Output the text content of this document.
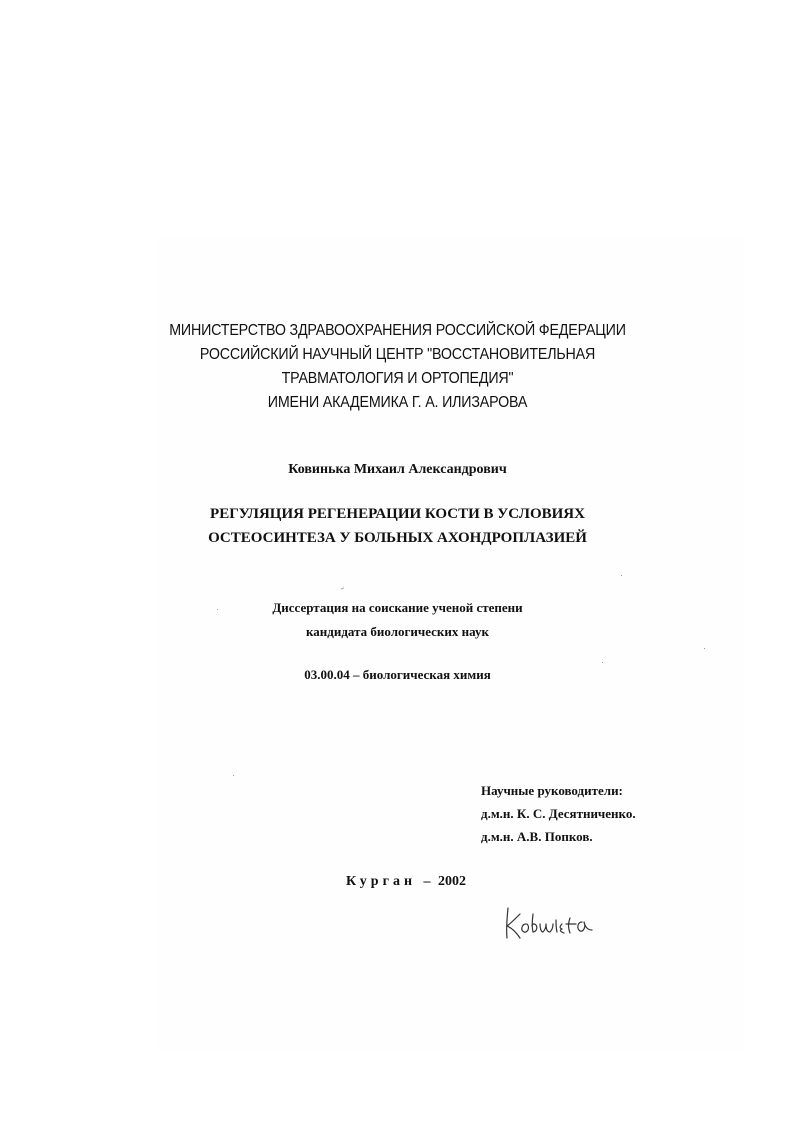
МИНИСТЕРСТВО ЗДРАВООХРАНЕНИЯ РОССИЙСКОЙ ФЕДЕРАЦИИ
РОССИЙСКИЙ НАУЧНЫЙ ЦЕНТР "ВОССТАНОВИТЕЛЬНАЯ
ТРАВМАТОЛОГИЯ И ОРТОПЕДИЯ"
ИМЕНИ АКАДЕМИКА Г. А. ИЛИЗАРОВА
Ковинька Михаил Александрович
РЕГУЛЯЦИЯ РЕГЕНЕРАЦИИ КОСТИ В УСЛОВИЯХ
ОСТЕОСИНТЕЗА У БОЛЬНЫХ АХОНДРОПЛАЗИЕЙ
Диссертация на соискание ученой степени
кандидата биологических наук
03.00.04 – биологическая химия
Научные руководители:
д.м.н. К. С. Десятниченко.
д.м.н. А.В. Попков.
Курган – 2002
